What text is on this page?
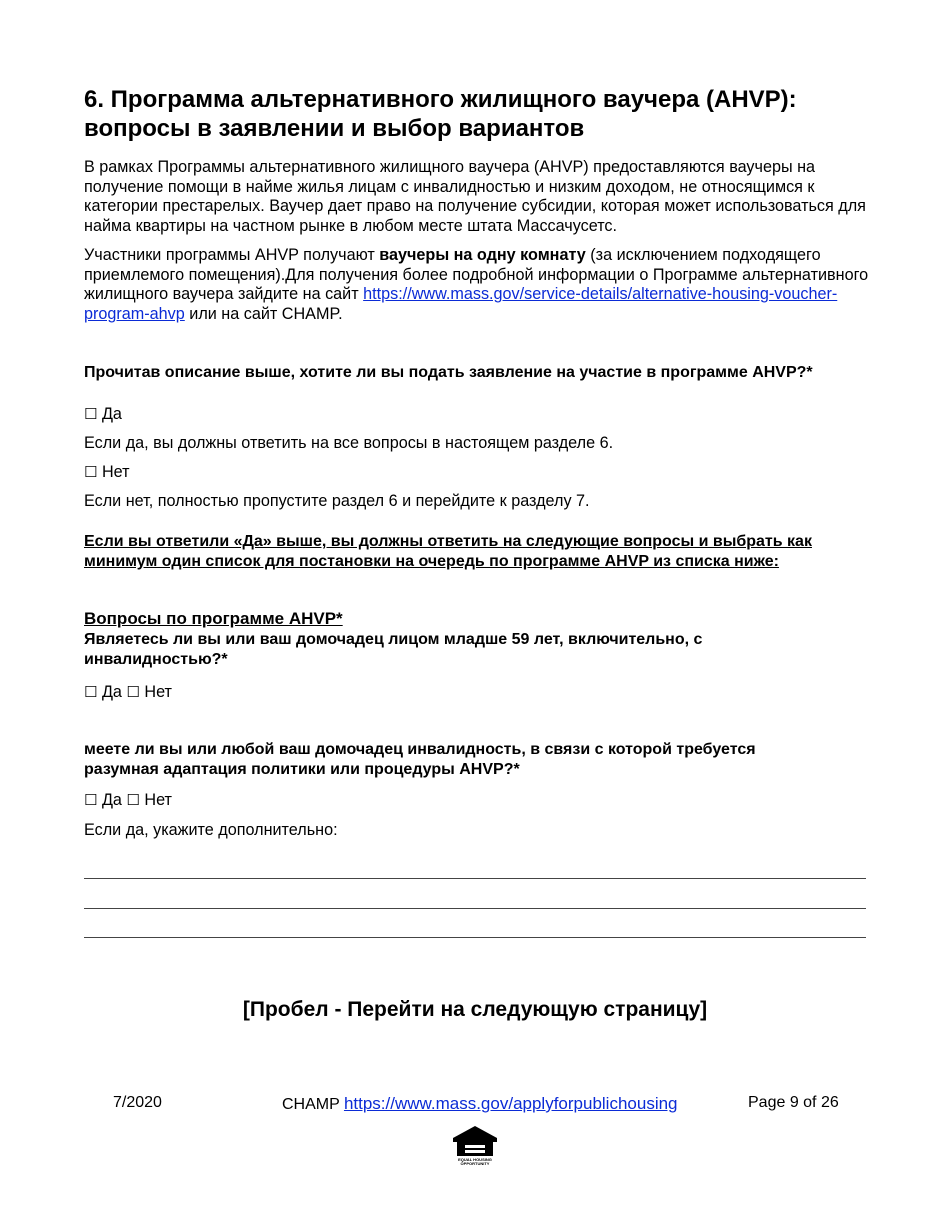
6. Программа альтернативного жилищного ваучера (AHVP): вопросы в заявлении и выбор вариантов

В рамках Программы альтернативного жилищного ваучера (AHVP) предоставляются ваучеры на получение помощи в найме жилья лицам с инвалидностью и низким доходом, не относящимся к категории престарелых. Ваучер дает право на получение субсидии, которая может использоваться для найма квартиры на частном рынке в любом месте штата Массачусетс.

Участники программы AHVP получают ваучеры на одну комнату (за исключением подходящего приемлемого помещения).Для получения более подробной информации о Программе альтернативного жилищного ваучера зайдите на сайт https://www.mass.gov/service-details/alternative-housing-voucher-program-ahvp или на сайт CHAMP.

Прочитав описание выше, хотите ли вы подать заявление на участие в программе AHVP?*

☐ Да

Если да, вы должны ответить на все вопросы в настоящем разделе 6.

☐ Нет

Если нет, полностью пропустите раздел 6 и перейдите к разделу 7.

Если вы ответили «Да» выше, вы должны ответить на следующие вопросы и выбрать как минимум один список для постановки на очередь по программе AHVP из списка ниже:

Вопросы по программе AHVP*

Являетесь ли вы или ваш домочадец лицом младше 59 лет, включительно, с инвалидностью?*

☐ Да ☐ Нет

меете ли вы или любой ваш домочадец инвалидность, в связи с которой требуется разумная адаптация политики или процедуры AHVP?*

☐ Да ☐ Нет

Если да, укажите дополнительно:

[Пробел - Перейти на следующую страницу]

7/2020	CHAMP https://www.mass.gov/applyforpublichousing	Page 9 of 26
EQUAL HOUSING
OPPORTUNITY
